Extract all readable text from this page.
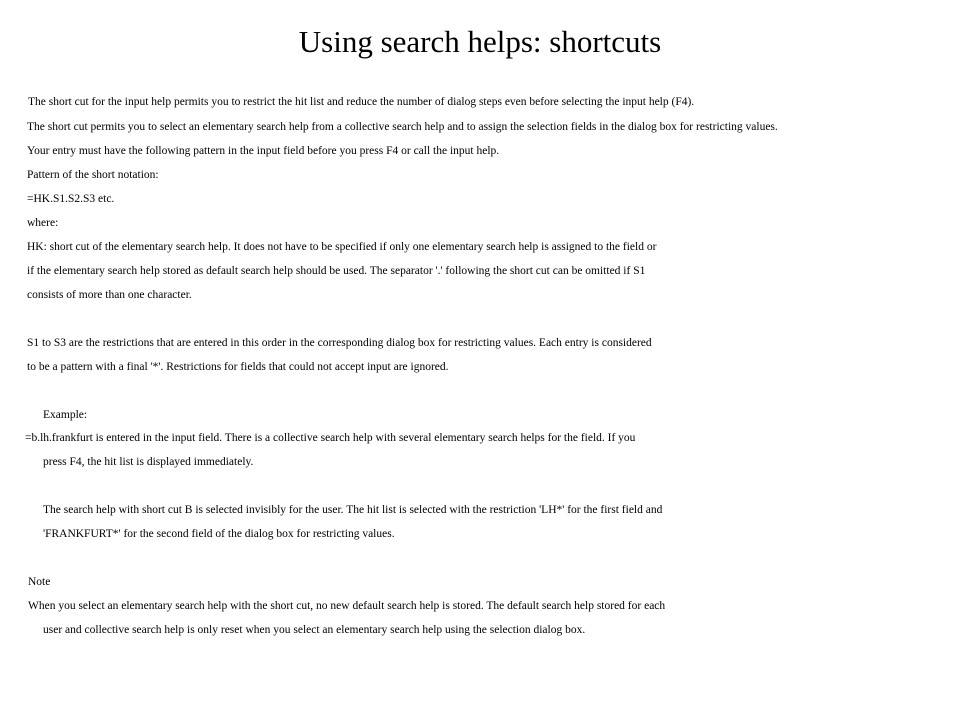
Using search helps: shortcuts
The short cut for the input help permits you to restrict the hit list and reduce the number of dialog steps even before selecting the input help (F4).
The short cut permits you to select an elementary search help from a collective search help and to assign the selection fields in the dialog box for restricting values.
Your entry must have the following pattern in the input field before you press F4 or call the input help.
Pattern of the short notation:
=HK.S1.S2.S3 etc.
where:
HK: short cut of the elementary search help. It does not have to be specified if only one elementary search help is assigned to the field or
if the elementary search help stored as default search help should be used. The separator '.' following the short cut can be omitted if S1
consists of more than one character.
S1 to S3 are the restrictions that are entered in this order in the corresponding dialog box for restricting values. Each entry is considered
to be a pattern with a final '*'. Restrictions for fields that could not accept input are ignored.
Example:
=b.lh.frankfurt is entered in the input field. There is a collective search help with several elementary search helps for the field. If you
press F4, the hit list is displayed immediately.
The search help with short cut B is selected invisibly for the user. The hit list is selected with the restriction 'LH*' for the first field and
'FRANKFURT*' for the second field of the dialog box for restricting values.
Note
When you select an elementary search help with the short cut, no new default search help is stored. The default search help stored for each
user and collective search help is only reset when you select an elementary search help using the selection dialog box.
